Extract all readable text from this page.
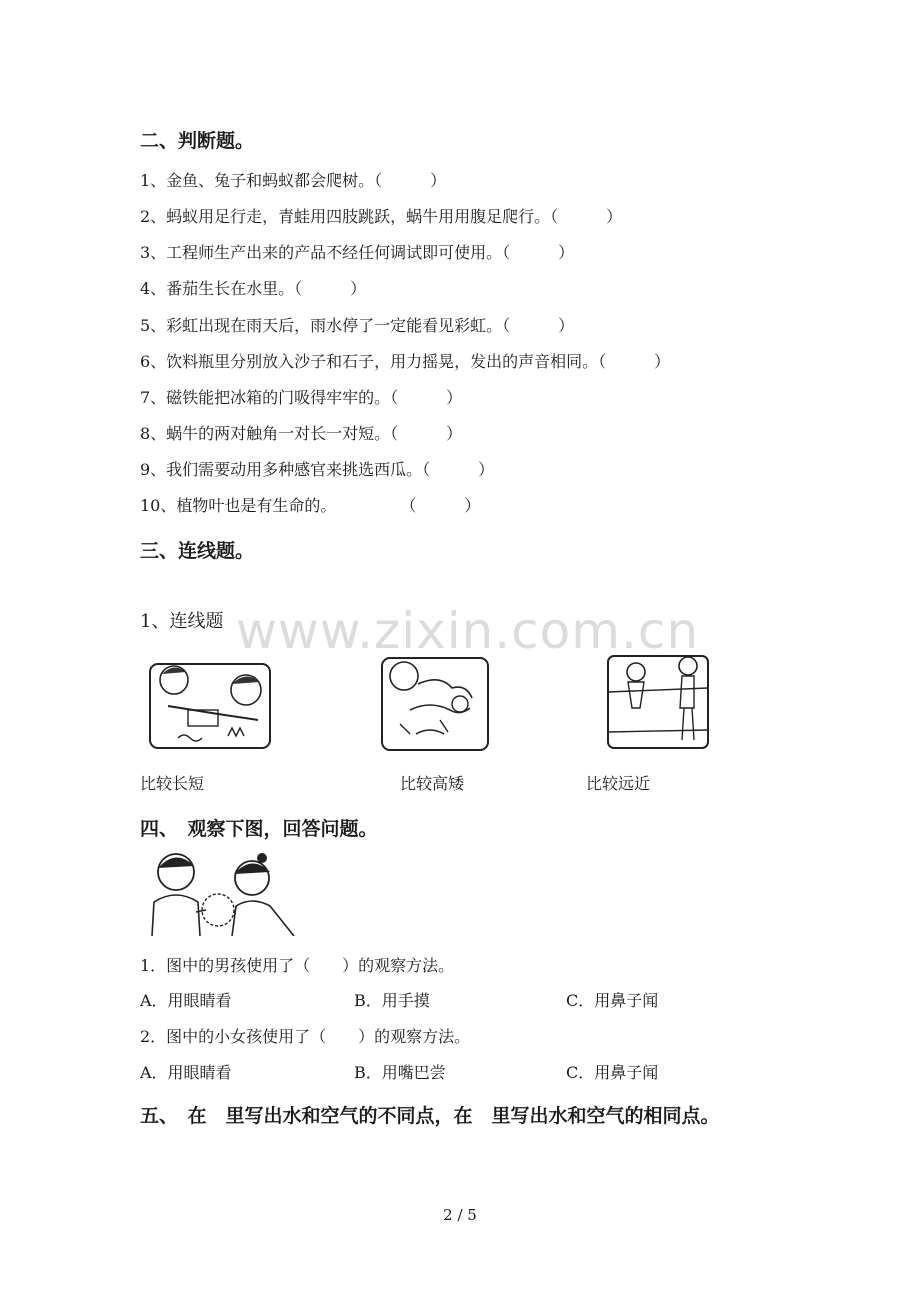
www.zixin.com.cn
二、判断题。
1、金鱼、兔子和蚂蚁都会爬树。（　　　）
2、蚂蚁用足行走，青蛙用四肢跳跃，蜗牛用用腹足爬行。（　　　）
3、工程师生产出来的产品不经任何调试即可使用。（　　　）
4、番茄生长在水里。（　　　）
5、彩虹出现在雨天后，雨水停了一定能看见彩虹。（　　　）
6、饮料瓶里分别放入沙子和石子，用力摇晃，发出的声音相同。（　　　）
7、磁铁能把冰箱的门吸得牢牢的。（　　　）
8、蜗牛的两对触角一对长一对短。（　　　）
9、我们需要动用多种感官来挑选西瓜。（　　　）
10、植物叶也是有生命的。　　　　　（　　　）
三、连线题。
1、连线题
比较长短	比较高矮	比较远近
四、　观察下图，回答问题。
1．图中的男孩使用了（　　）的观察方法。
A．用眼睛看	B．用手摸	C．用鼻子闻
2．图中的小女孩使用了（　　）的观察方法。
A．用眼睛看	B．用嘴巴尝	C．用鼻子闻
五、　在　里写出水和空气的不同点，在　里写出水和空气的相同点。
2 / 5
